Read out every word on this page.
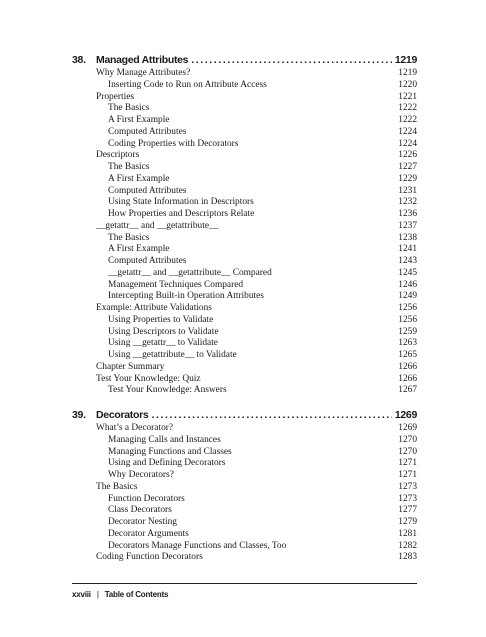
38. Managed Attributes .....	1219
Why Manage Attributes?	1219
Inserting Code to Run on Attribute Access	1220
Properties	1221
The Basics	1222
A First Example	1222
Computed Attributes	1224
Coding Properties with Decorators	1224
Descriptors	1226
The Basics	1227
A First Example	1229
Computed Attributes	1231
Using State Information in Descriptors	1232
How Properties and Descriptors Relate	1236
__getattr__ and __getattribute__	1237
The Basics	1238
A First Example	1241
Computed Attributes	1243
__getattr__ and __getattribute__ Compared	1245
Management Techniques Compared	1246
Intercepting Built-in Operation Attributes	1249
Example: Attribute Validations	1256
Using Properties to Validate	1256
Using Descriptors to Validate	1259
Using __getattr__ to Validate	1263
Using __getattribute__ to Validate	1265
Chapter Summary	1266
Test Your Knowledge: Quiz	1266
Test Your Knowledge: Answers	1267
39. Decorators .....	1269
What’s a Decorator?	1269
Managing Calls and Instances	1270
Managing Functions and Classes	1270
Using and Defining Decorators	1271
Why Decorators?	1271
The Basics	1273
Function Decorators	1273
Class Decorators	1277
Decorator Nesting	1279
Decorator Arguments	1281
Decorators Manage Functions and Classes, Too	1282
Coding Function Decorators	1283
xxviii | Table of Contents
